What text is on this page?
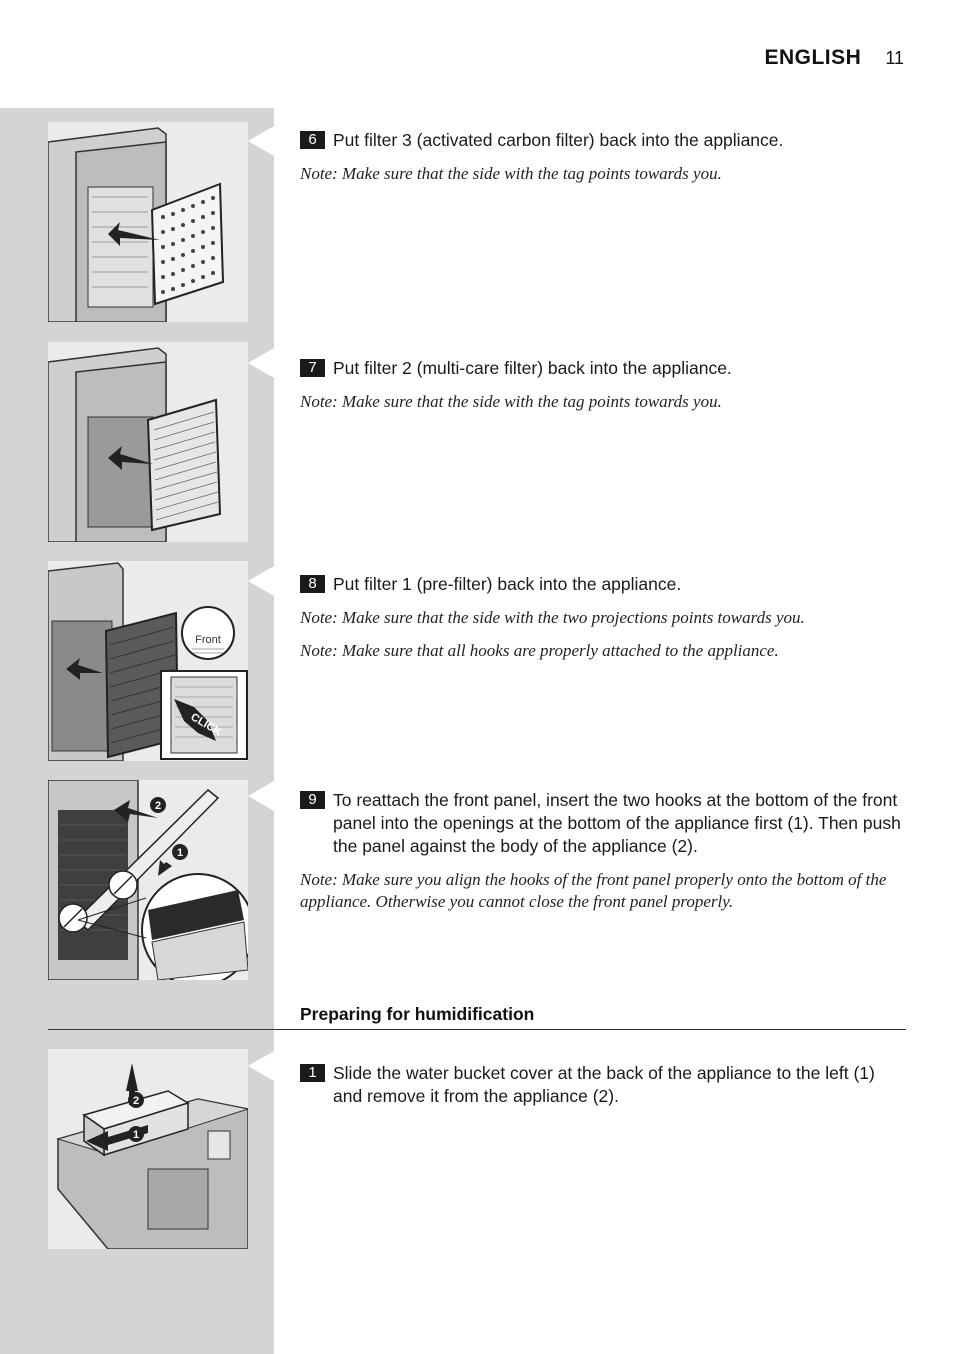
ENGLISH 11
6 Put filter 3 (activated carbon filter) back into the appliance.
Note: Make sure that the side with the tag points towards you.
7 Put filter 2 (multi-care filter) back into the appliance.
Note: Make sure that the side with the tag points towards you.
Front
CLICK
8 Put filter 1 (pre-filter) back into the appliance.
Note: Make sure that the side with the two projections points towards you.
Note: Make sure that all hooks are properly attached to the appliance.
2
1
9 To reattach the front panel, insert the two hooks at the bottom of the front panel into the openings at the bottom of the appliance first (1). Then push the panel against the body of the appliance (2).
Note: Make sure you align the hooks of the front panel properly onto the bottom of the appliance. Otherwise you cannot close the front panel properly.
Preparing for humidification
2
1
1 Slide the water bucket cover at the back of the appliance to the left (1) and remove it from the appliance (2).
